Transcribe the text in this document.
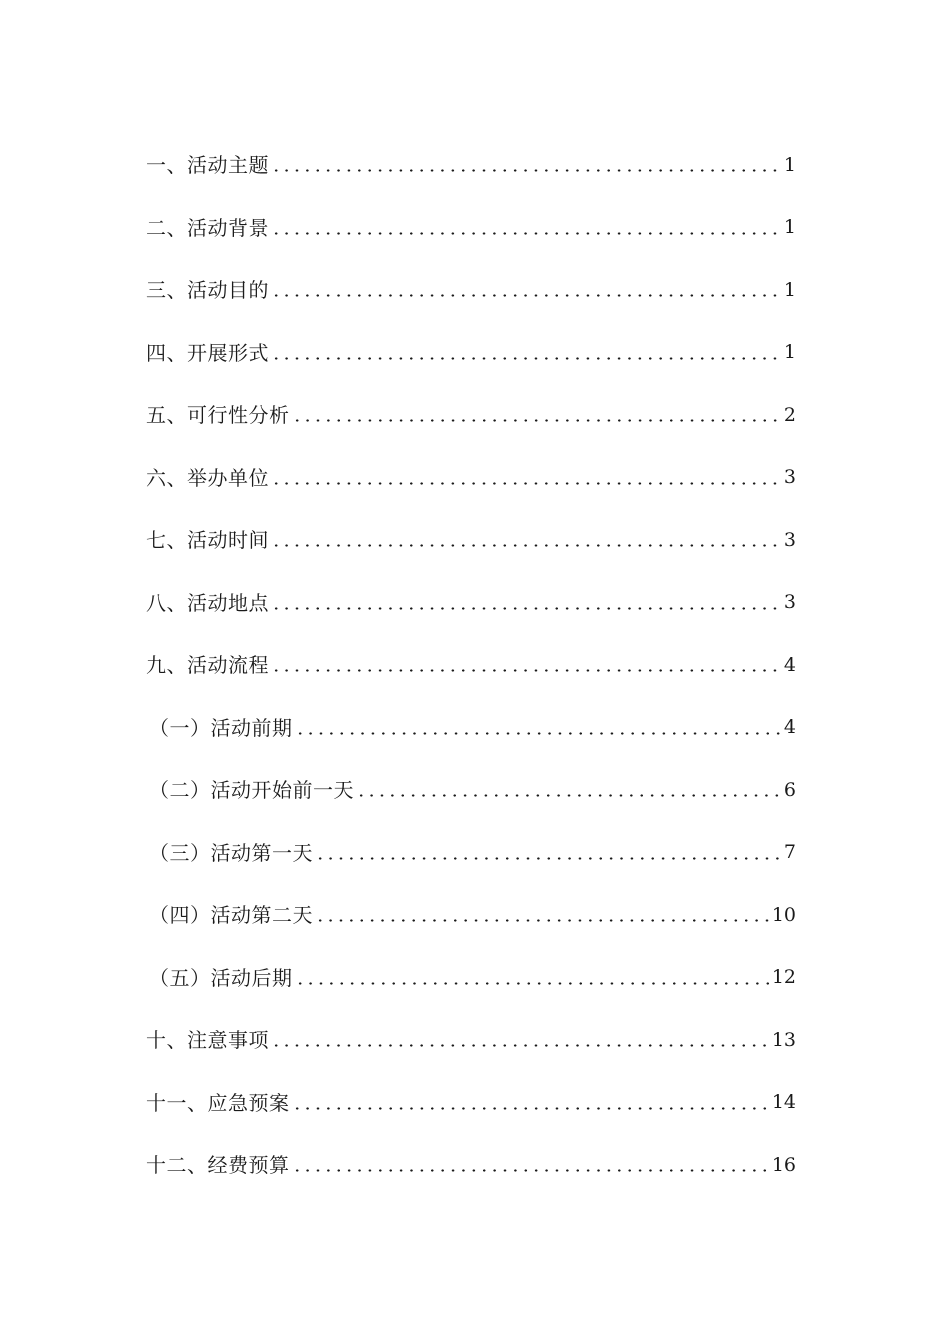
一、活动主题	1
二、活动背景	1
三、活动目的	1
四、开展形式	1
五、可行性分析	2
六、举办单位	3
七、活动时间	3
八、活动地点	3
九、活动流程	4
（一）活动前期	4
（二）活动开始前一天	6
（三）活动第一天	7
（四）活动第二天	10
（五）活动后期	12
十、注意事项	13
十一、应急预案	14
十二、经费预算	16
